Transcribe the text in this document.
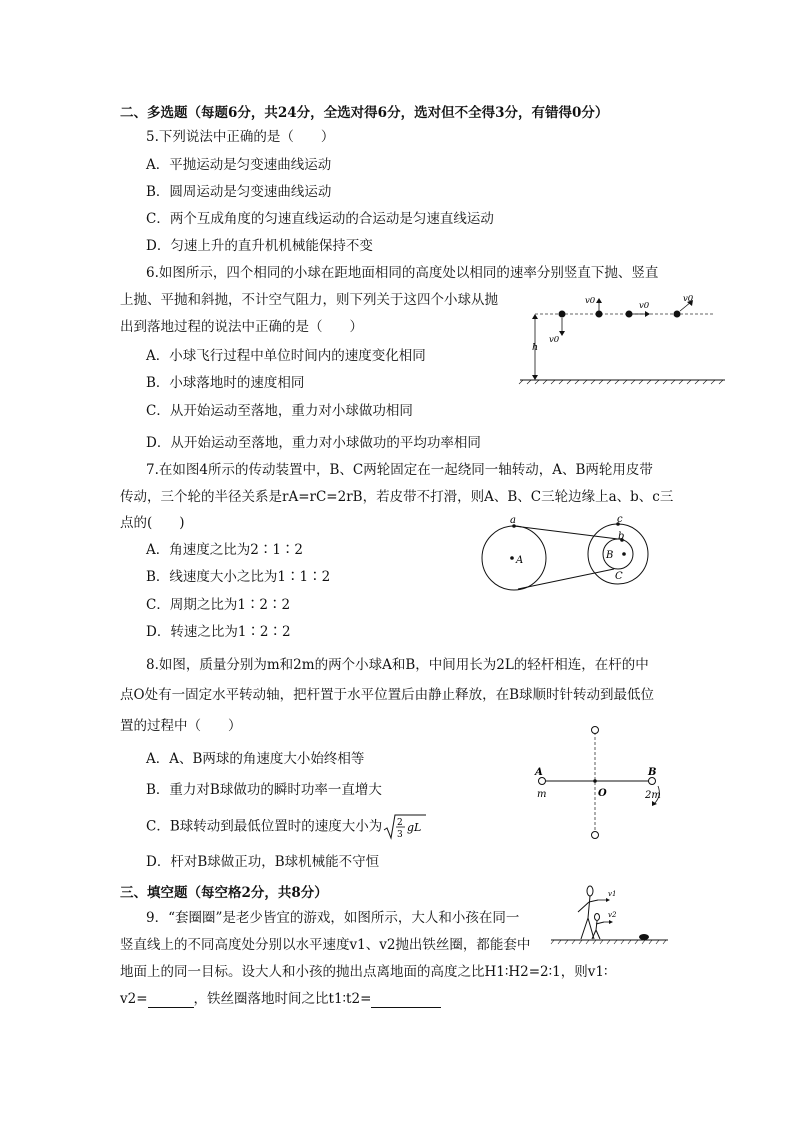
二、多选题（每题6分，共24分，全选对得6分，选对但不全得3分，有错得0分）
5.下列说法中正确的是（　　）
A．平抛运动是匀变速曲线运动
B．圆周运动是匀变速曲线运动
C．两个互成角度的匀速直线运动的合运动是匀速直线运动
D．匀速上升的直升机机械能保持不变
6.如图所示，四个相同的小球在距地面相同的高度处以相同的速率分别竖直下抛、竖直
上抛、平抛和斜抛，不计空气阻力，则下列关于这四个小球从抛
出到落地过程的说法中正确的是（　　）
A．小球飞行过程中单位时间内的速度变化相同
B．小球落地时的速度相同
C．从开始运动至落地，重力对小球做功相同
D．从开始运动至落地，重力对小球做功的平均功率相同
v0
v0	v0
v0
h
7.在如图4所示的传动装置中，B、C两轮固定在一起绕同一轴转动，A、B两轮用皮带
传动，三个轮的半径关系是rA=rC=2rB，若皮带不打滑，则A、B、C三轮边缘上a、b、c三
点的(　　)
A．角速度之比为2∶1∶2
B．线速度大小之比为1∶1∶2
C．周期之比为1∶2∶2
D．转速之比为1∶2∶2
a
A
b
B
c
C
8.如图，质量分别为m和2m的两个小球A和B，中间用长为2L的轻杆相连，在杆的中
点O处有一固定水平转动轴，把杆置于水平位置后由静止释放，在B球顺时针转动到最低位
置的过程中（　　）
A．A、B两球的角速度大小始终相等
B．重力对B球做功的瞬时功率一直增大
C．B球转动到最低位置时的速度大小为 2
3
gL
D．杆对B球做正功，B球机械能不守恒
A
m	O
B
2m
三、填空题（每空格2分，共8分）
9．“套圈圈”是老少皆宜的游戏，如图所示，大人和小孩在同一
竖直线上的不同高度处分别以水平速度v1、v2抛出铁丝圈，都能套中
地面上的同一目标。设大人和小孩的抛出点离地面的高度之比H1∶H2=2∶1，则v1∶
v2=	，铁丝圈落地时间之比t1∶t2=
v1
v2
